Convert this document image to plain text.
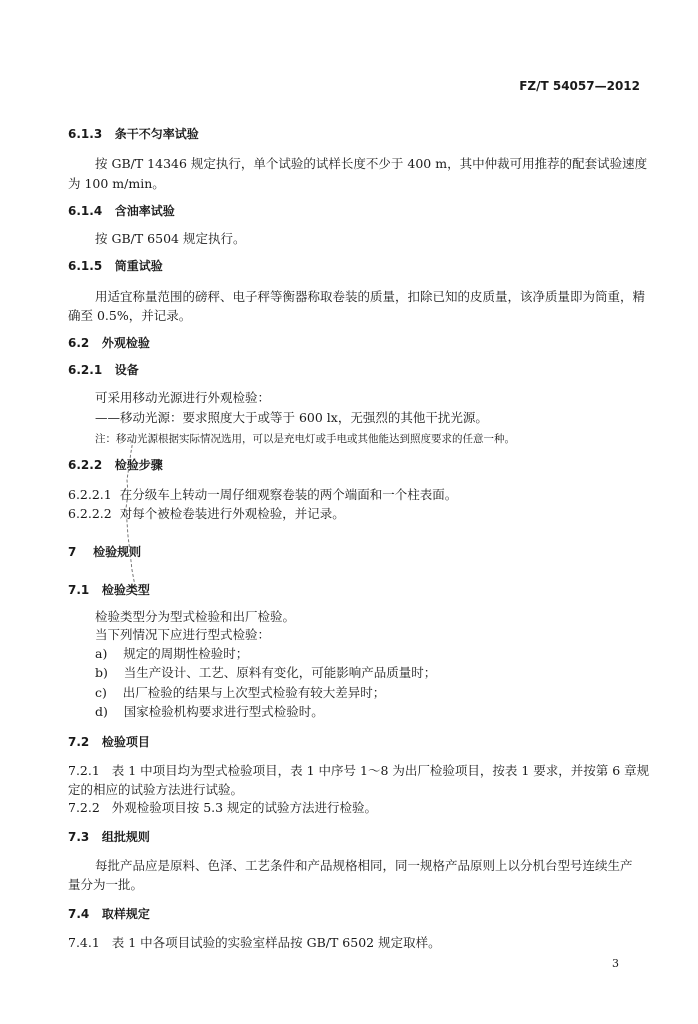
FZ/T 54057—2012
6.1.3 条干不匀率试验
按 GB/T 14346 规定执行，单个试验的试样长度不少于 400 m，其中仲裁可用推荐的配套试验速度
为 100 m/min。
6.1.4 含油率试验
按 GB/T 6504 规定执行。
6.1.5 筒重试验
用适宜称量范围的磅秤、电子秤等衡器称取卷装的质量，扣除已知的皮质量，该净质量即为筒重，精
确至 0.5%，并记录。
6.2 外观检验
6.2.1 设备
可采用移动光源进行外观检验：
——移动光源：要求照度大于或等于 600 lx，无强烈的其他干扰光源。
注：移动光源根据实际情况选用，可以是充电灯或手电或其他能达到照度要求的任意一种。
6.2.2 检验步骤
6.2.2.1 在分级车上转动一周仔细观察卷装的两个端面和一个柱表面。
6.2.2.2 对每个被检卷装进行外观检验，并记录。
7 检验规则
7.1 检验类型
检验类型分为型式检验和出厂检验。
当下列情况下应进行型式检验：
a) 规定的周期性检验时；
b) 当生产设计、工艺、原料有变化，可能影响产品质量时；
c) 出厂检验的结果与上次型式检验有较大差异时；
d) 国家检验机构要求进行型式检验时。
7.2 检验项目
7.2.1 表 1 中项目均为型式检验项目，表 1 中序号 1～8 为出厂检验项目，按表 1 要求，并按第 6 章规
定的相应的试验方法进行试验。
7.2.2 外观检验项目按 5.3 规定的试验方法进行检验。
7.3 组批规则
每批产品应是原料、色泽、工艺条件和产品规格相同，同一规格产品原则上以分机台型号连续生产
量分为一批。
7.4 取样规定
7.4.1 表 1 中各项目试验的实验室样品按 GB/T 6502 规定取样。
3
